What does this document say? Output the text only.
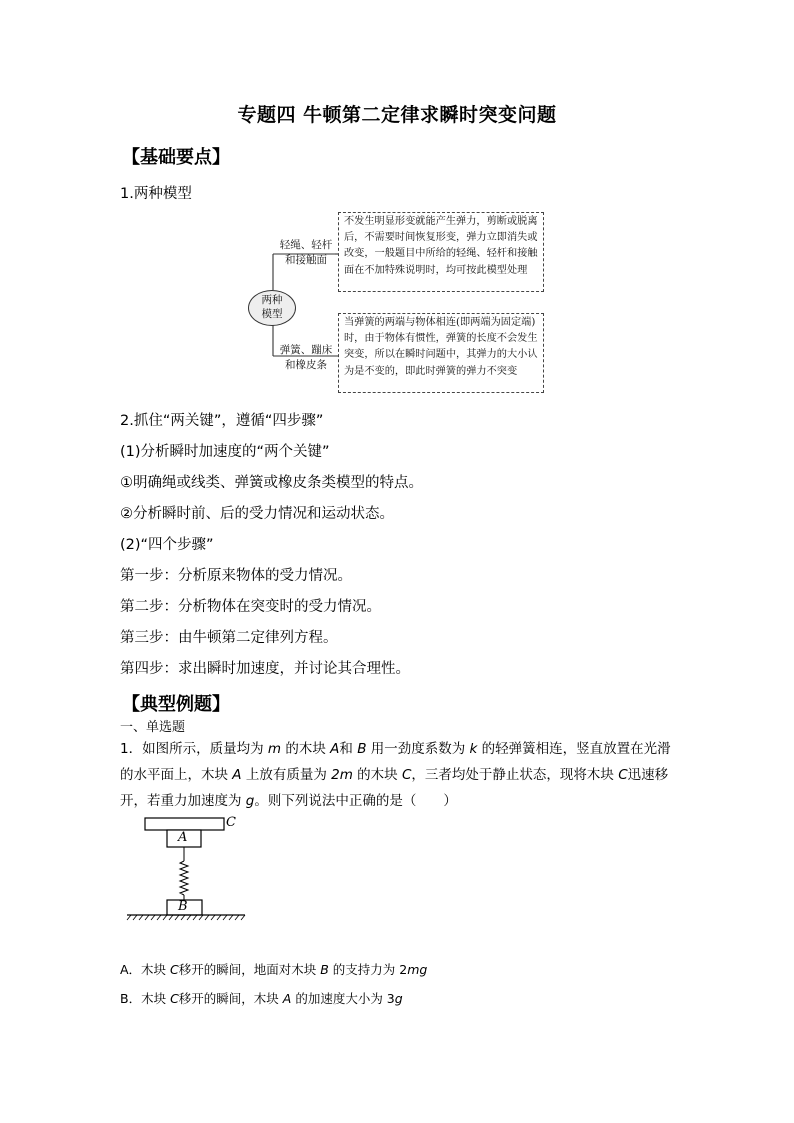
专题四 牛顿第二定律求瞬时突变问题
【基础要点】
1.两种模型
两种
模型
轻绳、轻杆
和接触面
弹簧、蹦床
和橡皮条
不发生明显形变就能产生弹力，剪断或脱离后，不需要时间恢复形变，弹力立即消失或改变，一般题目中所给的轻绳、轻杆和接触面在不加特殊说明时，均可按此模型处理
当弹簧的两端与物体相连(即两端为固定端)时，由于物体有惯性，弹簧的长度不会发生突变，所以在瞬时问题中，其弹力的大小认为是不变的，即此时弹簧的弹力不突变
2.抓住“两关键”，遵循“四步骤”
(1)分析瞬时加速度的“两个关键”
①明确绳或线类、弹簧或橡皮条类模型的特点。
②分析瞬时前、后的受力情况和运动状态。
(2)“四个步骤”
第一步：分析原来物体的受力情况。
第二步：分析物体在突变时的受力情况。
第三步：由牛顿第二定律列方程。
第四步：求出瞬时加速度，并讨论其合理性。
【典型例题】
一、单选题
1．如图所示，质量均为 m 的木块 A和 B 用一劲度系数为 k 的轻弹簧相连，竖直放置在光滑的水平面上，木块 A 上放有质量为 2m 的木块 C，三者均处于静止状态，现将木块 C迅速移开，若重力加速度为 g。则下列说法中正确的是（　　）
C
A
B
A．木块 C移开的瞬间，地面对木块 B 的支持力为 2mg
B．木块 C移开的瞬间，木块 A 的加速度大小为 3g
